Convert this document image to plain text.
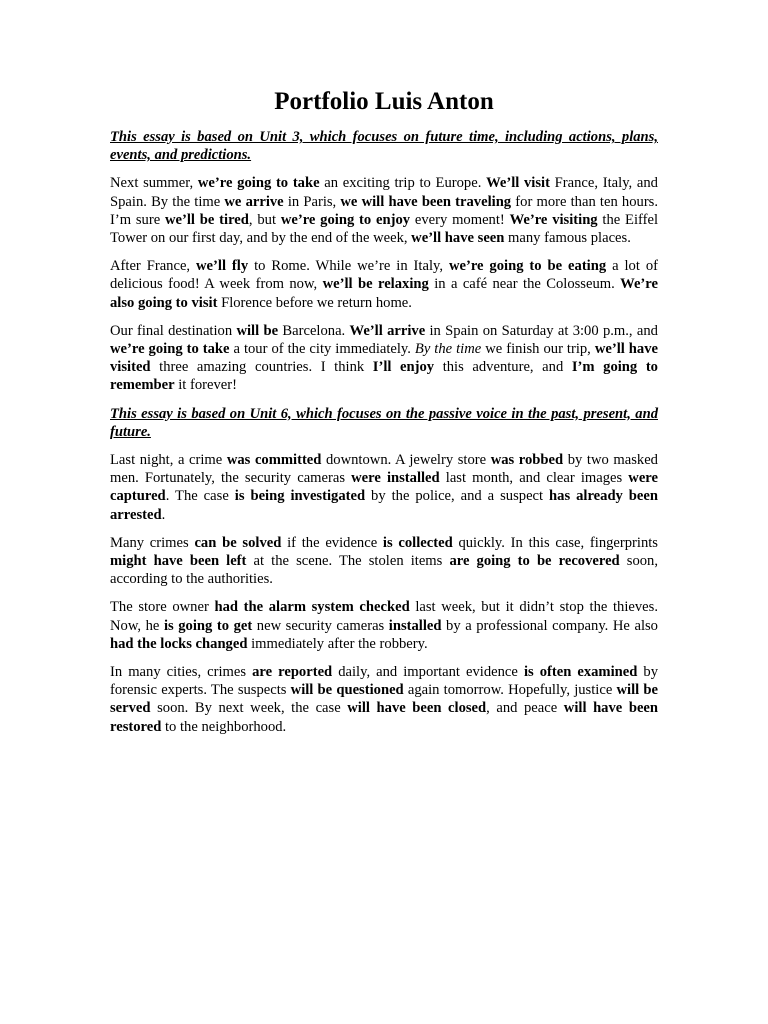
Portfolio Luis Anton

This essay is based on Unit 3, which focuses on future time, including actions, plans, events, and predictions.

Next summer, we’re going to take an exciting trip to Europe. We’ll visit France, Italy, and Spain. By the time we arrive in Paris, we will have been traveling for more than ten hours. I’m sure we’ll be tired, but we’re going to enjoy every moment! We’re visiting the Eiffel Tower on our first day, and by the end of the week, we’ll have seen many famous places.

After France, we’ll fly to Rome. While we’re in Italy, we’re going to be eating a lot of delicious food! A week from now, we’ll be relaxing in a café near the Colosseum. We’re also going to visit Florence before we return home.

Our final destination will be Barcelona. We’ll arrive in Spain on Saturday at 3:00 p.m., and we’re going to take a tour of the city immediately. By the time we finish our trip, we’ll have visited three amazing countries. I think I’ll enjoy this adventure, and I’m going to remember it forever!

This essay is based on Unit 6, which focuses on the passive voice in the past, present, and future.

Last night, a crime was committed downtown. A jewelry store was robbed by two masked men. Fortunately, the security cameras were installed last month, and clear images were captured. The case is being investigated by the police, and a suspect has already been arrested.

Many crimes can be solved if the evidence is collected quickly. In this case, fingerprints might have been left at the scene. The stolen items are going to be recovered soon, according to the authorities.

The store owner had the alarm system checked last week, but it didn’t stop the thieves. Now, he is going to get new security cameras installed by a professional company. He also had the locks changed immediately after the robbery.

In many cities, crimes are reported daily, and important evidence is often examined by forensic experts. The suspects will be questioned again tomorrow. Hopefully, justice will be served soon. By next week, the case will have been closed, and peace will have been restored to the neighborhood.
